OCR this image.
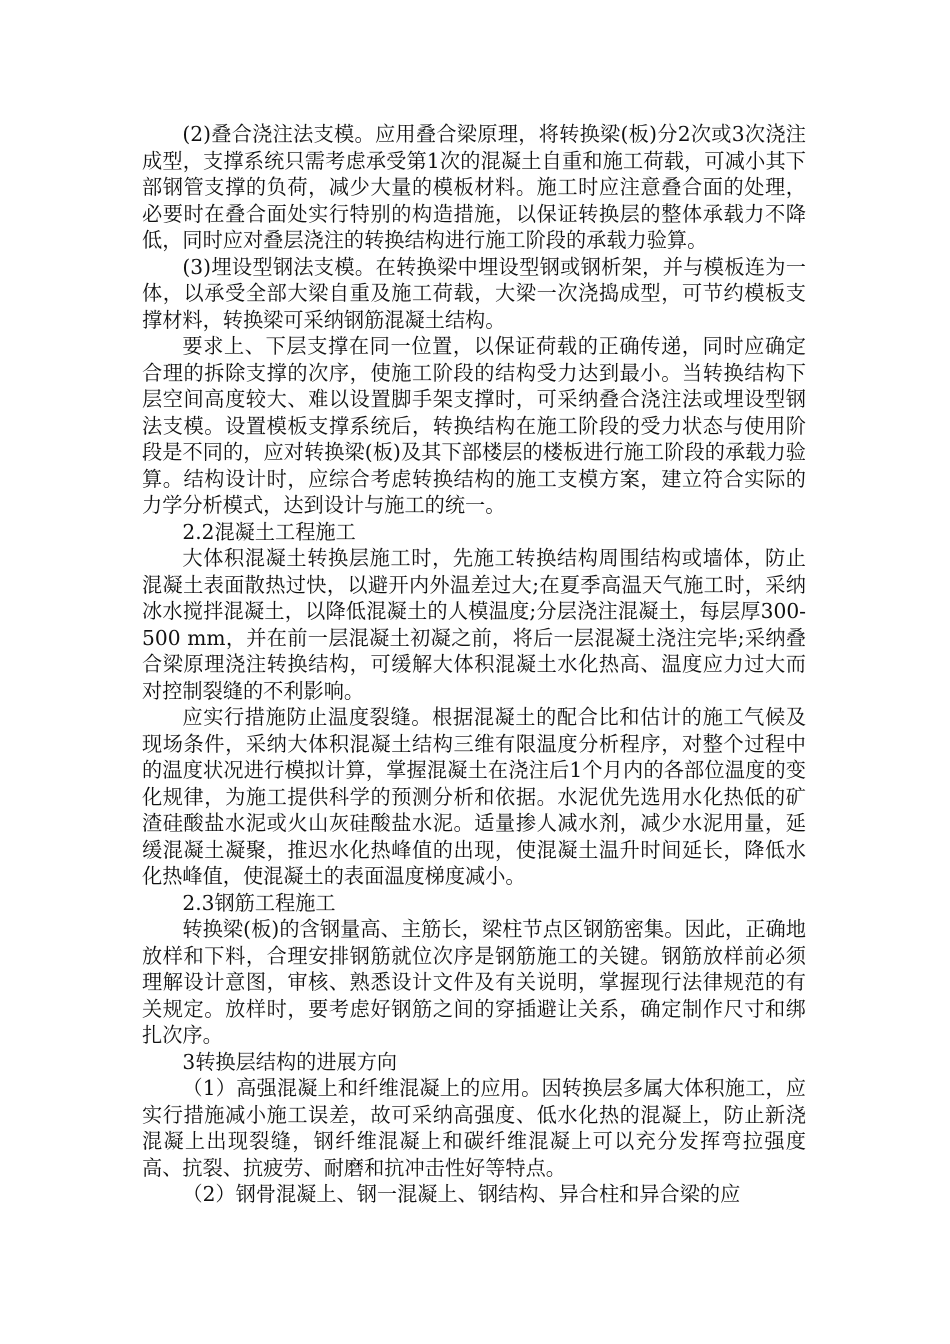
(2)叠合浇注法支模。应用叠合梁原理，将转换梁(板)分2次或3次浇注成型，支撑系统只需考虑承受第1次的混凝土自重和施工荷载，可减小其下部钢管支撑的负荷，减少大量的模板材料。施工时应注意叠合面的处理，必要时在叠合面处实行特别的构造措施，以保证转换层的整体承载力不降低，同时应对叠层浇注的转换结构进行施工阶段的承载力验算。

(3)埋设型钢法支模。在转换梁中埋设型钢或钢析架，并与模板连为一体，以承受全部大梁自重及施工荷载，大梁一次浇捣成型，可节约模板支撑材料，转换梁可采纳钢筋混凝土结构。

要求上、下层支撑在同一位置，以保证荷载的正确传递，同时应确定合理的拆除支撑的次序，使施工阶段的结构受力达到最小。当转换结构下层空间高度较大、难以设置脚手架支撑时，可采纳叠合浇注法或埋设型钢法支模。设置模板支撑系统后，转换结构在施工阶段的受力状态与使用阶段是不同的，应对转换梁(板)及其下部楼层的楼板进行施工阶段的承载力验算。结构设计时，应综合考虑转换结构的施工支模方案，建立符合实际的力学分析模式，达到设计与施工的统一。

2.2混凝土工程施工

大体积混凝土转换层施工时，先施工转换结构周围结构或墙体，防止混凝土表面散热过快，以避开内外温差过大;在夏季高温天气施工时，采纳冰水搅拌混凝土，以降低混凝土的人模温度;分层浇注混凝土，每层厚300-500 mm，并在前一层混凝土初凝之前，将后一层混凝土浇注完毕;采纳叠合梁原理浇注转换结构，可缓解大体积混凝土水化热高、温度应力过大而对控制裂缝的不利影响。

应实行措施防止温度裂缝。根据混凝土的配合比和估计的施工气候及现场条件，采纳大体积混凝土结构三维有限温度分析程序，对整个过程中的温度状况进行模拟计算，掌握混凝土在浇注后1个月内的各部位温度的变化规律，为施工提供科学的预测分析和依据。水泥优先选用水化热低的矿渣硅酸盐水泥或火山灰硅酸盐水泥。适量掺人减水剂，减少水泥用量，延缓混凝土凝聚，推迟水化热峰值的出现，使混凝土温升时间延长，降低水化热峰值，使混凝土的表面温度梯度减小。

2.3钢筋工程施工

转换梁(板)的含钢量高、主筋长，梁柱节点区钢筋密集。因此，正确地放样和下料，合理安排钢筋就位次序是钢筋施工的关键。钢筋放样前必须理解设计意图，审核、熟悉设计文件及有关说明，掌握现行法律规范的有关规定。放样时，要考虑好钢筋之间的穿插避让关系，确定制作尺寸和绑扎次序。

3转换层结构的进展方向

（1）高强混凝上和纤维混凝上的应用。因转换层多属大体积施工，应实行措施减小施工误差，故可采纳高强度、低水化热的混凝上，防止新浇混凝上出现裂缝，钢纤维混凝上和碳纤维混凝上可以充分发挥弯拉强度高、抗裂、抗疲劳、耐磨和抗冲击性好等特点。

（2）钢骨混凝上、钢一混凝上、钢结构、异合柱和异合梁的应
